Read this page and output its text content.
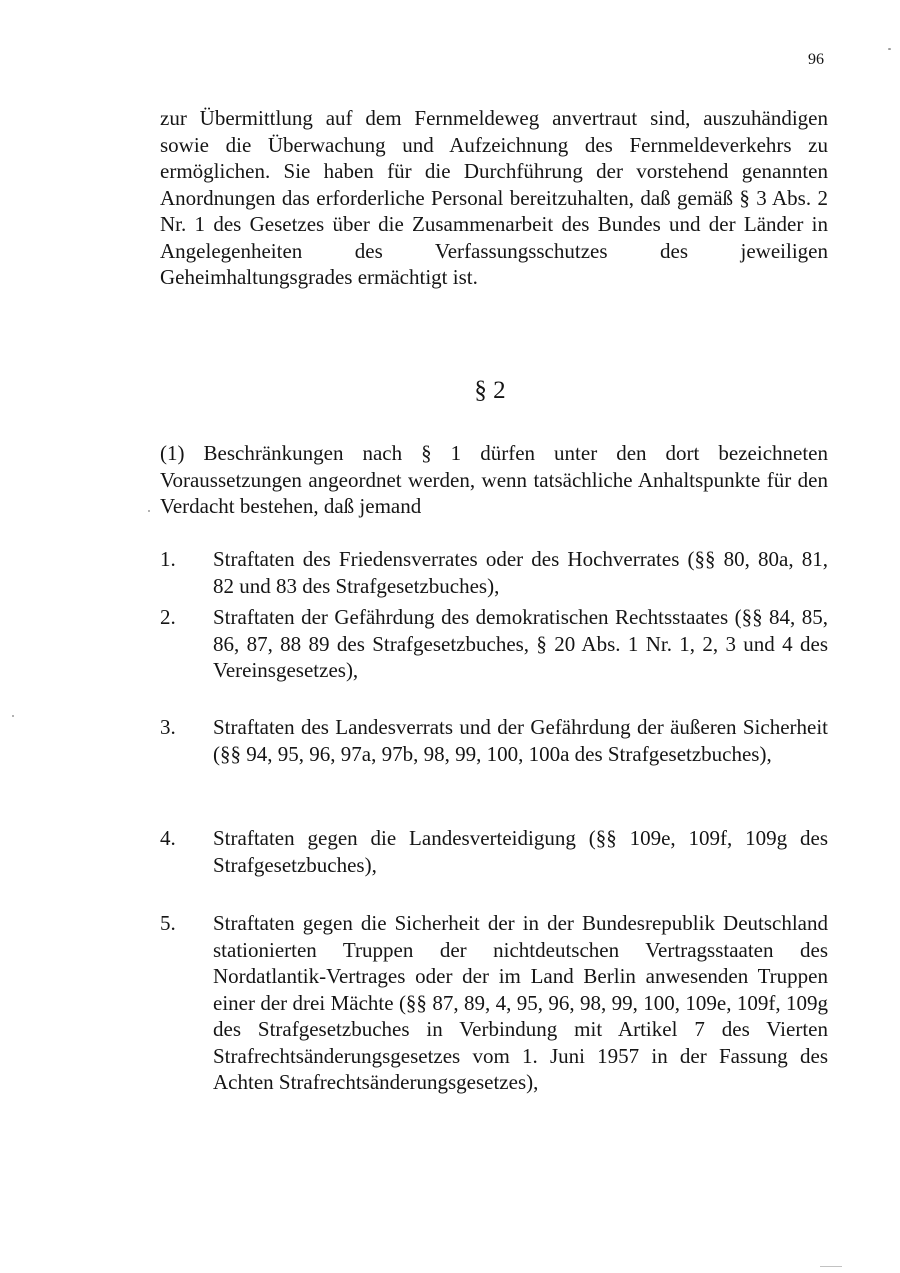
96
zur Übermittlung auf dem Fernmeldeweg anvertraut sind, auszuhändigen sowie die Überwachung und Aufzeichnung des Fernmeldeverkehrs zu ermöglichen. Sie haben für die Durchführung der vorstehend genannten Anordnungen das erforderliche Personal bereitzuhalten, daß gemäß § 3 Abs. 2 Nr. 1 des Gesetzes über die Zusammenarbeit des Bundes und der Länder in Angelegenheiten des Verfassungsschutzes des jeweiligen Geheimhaltungsgrades ermächtigt ist.
§ 2
(1) Beschränkungen nach § 1 dürfen unter den dort bezeichneten Voraussetzungen angeordnet werden, wenn tatsächliche Anhaltspunkte für den Verdacht bestehen, daß jemand
1.	Straftaten des Friedensverrates oder des Hochverrates (§§ 80, 80a, 81, 82 und 83 des Strafgesetzbuches),
2.	Straftaten der Gefährdung des demokratischen Rechtsstaates (§§ 84, 85, 86, 87, 88 89 des Strafgesetzbuches, § 20 Abs. 1 Nr. 1, 2, 3 und 4 des Vereinsgesetzes),
3.	Straftaten des Landesverrats und der Gefährdung der äußeren Sicherheit (§§ 94, 95, 96, 97a, 97b, 98, 99, 100, 100a des Strafgesetzbuches),
4.	Straftaten gegen die Landesverteidigung (§§ 109e, 109f, 109g des Strafgesetzbuches),
5.	Straftaten gegen die Sicherheit der in der Bundesrepublik Deutschland stationierten Truppen der nichtdeutschen Vertragsstaaten des Nordatlantik-Vertrages oder der im Land Berlin anwesenden Truppen einer der drei Mächte (§§ 87, 89, 4, 95, 96, 98, 99, 100, 109e, 109f, 109g des Strafgesetzbuches in Verbindung mit Artikel 7 des Vierten Strafrechtsänderungsgesetzes vom 1. Juni 1957 in der Fassung des Achten Strafrechtsänderungsgesetzes),
